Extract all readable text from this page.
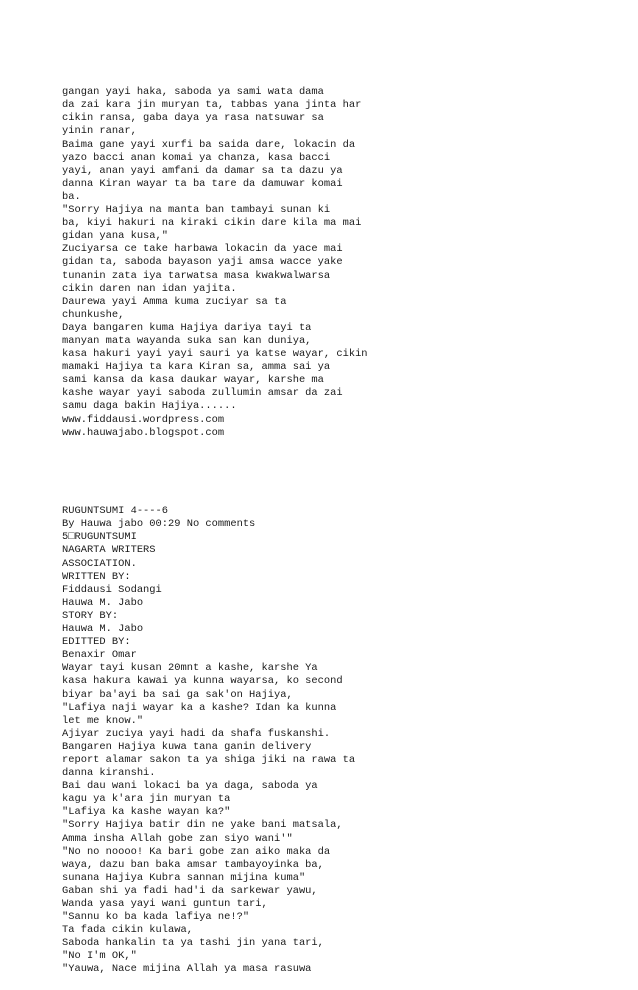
gangan yayi haka, saboda ya sami wata dama
da zai kara jin muryan ta, tabbas yana jinta har
cikin ransa, gaba daya ya rasa natsuwar sa
yinin ranar,
Baima gane yayi xurfi ba saida dare, lokacin da
yazo bacci anan komai ya chanza, kasa bacci
yayi, anan yayi amfani da damar sa ta dazu ya
danna Kiran wayar ta ba tare da damuwar komai
ba.
"Sorry Hajiya na manta ban tambayi sunan ki
ba, kiyi hakuri na kiraki cikin dare kila ma mai
gidan yana kusa,"
Zuciyarsa ce take harbawa lokacin da yace mai
gidan ta, saboda bayason yaji amsa wacce yake
tunanin zata iya tarwatsa masa kwakwalwarsa
cikin daren nan idan yajita.
Daurewa yayi Amma kuma zuciyar sa ta
chunkushe,
Daya bangaren kuma Hajiya dariya tayi ta
manyan mata wayanda suka san kan duniya,
kasa hakuri yayi yayi sauri ya katse wayar, cikin
mamaki Hajiya ta kara Kiran sa, amma sai ya
sami kansa da kasa daukar wayar, karshe ma
kashe wayar yayi saboda zullumin amsar da zai
samu daga bakin Hajiya......
www.fiddausi.wordpress.com
www.hauwajabo.blogspot.com

RUGUNTSUMI 4----6
By Hauwa jabo 00:29 No comments
5□RUGUNTSUMI
NAGARTA WRITERS
ASSOCIATION.
WRITTEN BY:
Fiddausi Sodangi
Hauwa M. Jabo
STORY BY:
Hauwa M. Jabo
EDITTED BY:
Benaxir Omar
Wayar tayi kusan 20mnt a kashe, karshe Ya
kasa hakura kawai ya kunna wayarsa, ko second
biyar ba'ayi ba sai ga sak'on Hajiya,
"Lafiya naji wayar ka a kashe? Idan ka kunna
let me know."
Ajiyar zuciya yayi hadi da shafa fuskanshi.
Bangaren Hajiya kuwa tana ganin delivery
report alamar sakon ta ya shiga jiki na rawa ta
danna kiranshi.
Bai dau wani lokaci ba ya daga, saboda ya
kagu ya k'ara jin muryan ta
"Lafiya ka kashe wayan ka?"
"Sorry Hajiya batir din ne yake bani matsala,
Amma insha Allah gobe zan siyo wani'"
"No no noooo! Ka bari gobe zan aiko maka da
waya, dazu ban baka amsar tambayoyinka ba,
sunana Hajiya Kubra sannan mijina kuma"
Gaban shi ya fadi had'i da sarkewar yawu,
Wanda yasa yayi wani guntun tari,
"Sannu ko ba kada lafiya ne!?"
Ta fada cikin kulawa,
Saboda hankalin ta ya tashi jin yana tari,
"No I'm OK,"
"Yauwa, Nace mijina Allah ya masa rasuwa
